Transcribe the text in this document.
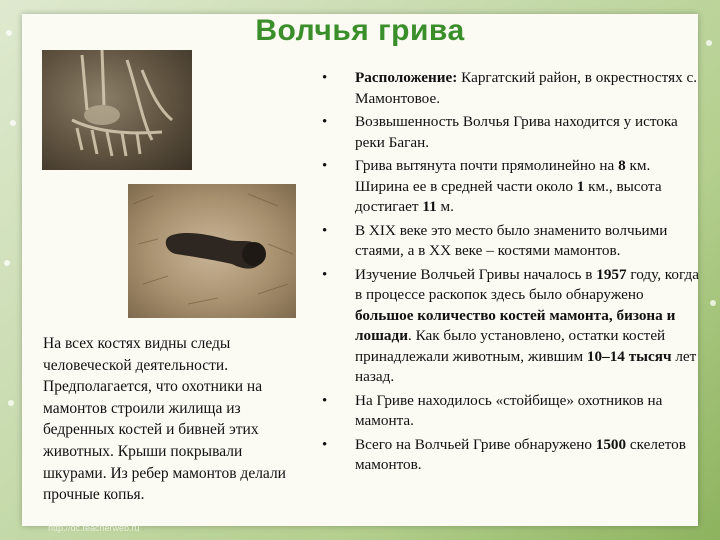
Волчья грива
На всех костях видны следы человеческой деятельности. Предполагается, что охотники на мамонтов строили жилища из бедренных костей и бивней этих животных. Крыши покрывали шкурами. Из ребер мамонтов делали прочные копья.
• Расположение: Каргатский район, в окрестностях с. Мамонтовое.
• Возвышенность Волчья Грива находится у истока реки Баган.
• Грива вытянута почти прямолинейно на 8 км. Ширина ее в средней части около 1 км., высота достигает 11 м.
• В XIX веке это место было знаменито волчьими стаями, а в XX веке – костями мамонтов.
• Изучение Волчьей Гривы началось в 1957 году, когда в процессе раскопок здесь было обнаружено большое количество костей мамонта, бизона и лошади. Как было установлено, остатки костей принадлежали животным, жившим 10–14 тысяч лет назад.
• На Гриве находилось «стойбище» охотников на мамонта.
• Всего на Волчьей Гриве обнаружено 1500 скелетов мамонтов.
http://dc.teacherweb.ru
